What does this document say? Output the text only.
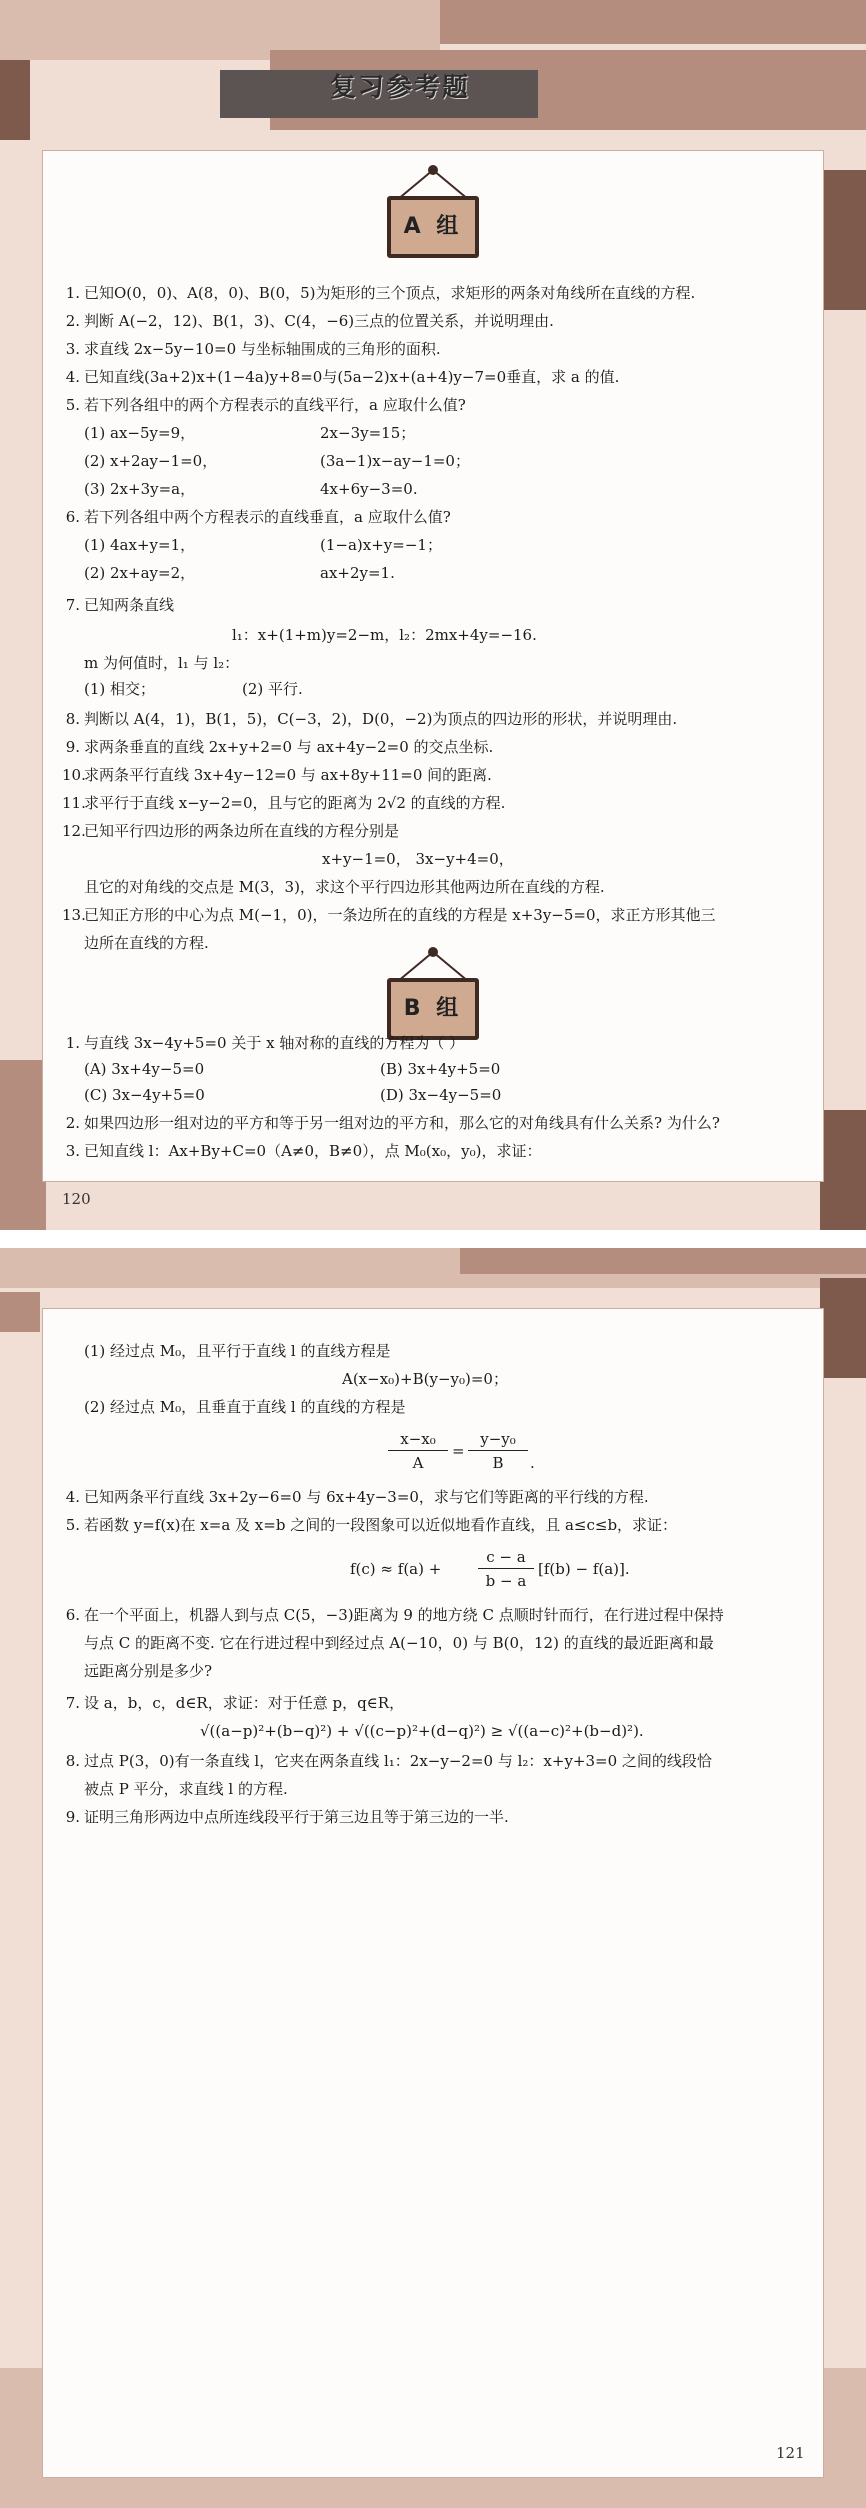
复习参考题
A 组
1. 已知O(0，0)、A(8，0)、B(0，5)为矩形的三个顶点，求矩形的两条对角线所在直线的方程.
2. 判断 A(−2，12)、B(1，3)、C(4，−6)三点的位置关系，并说明理由.
3. 求直线 2x−5y−10=0 与坐标轴围成的三角形的面积.
4. 已知直线(3a+2)x+(1−4a)y+8=0与(5a−2)x+(a+4)y−7=0垂直，求 a 的值.
5. 若下列各组中的两个方程表示的直线平行，a 应取什么值?
(1) ax−5y=9，	2x−3y=15；
(2) x+2ay−1=0，	(3a−1)x−ay−1=0；
(3) 2x+3y=a，	4x+6y−3=0.
6. 若下列各组中两个方程表示的直线垂直，a 应取什么值?
(1) 4ax+y=1，	(1−a)x+y=−1；
(2) 2x+ay=2，	ax+2y=1.
7. 已知两条直线
l₁：x+(1+m)y=2−m，l₂：2mx+4y=−16.
m 为何值时，l₁ 与 l₂：
(1) 相交；	(2) 平行.
8. 判断以 A(4，1)，B(1，5)，C(−3，2)，D(0，−2)为顶点的四边形的形状，并说明理由.
9. 求两条垂直的直线 2x+y+2=0 与 ax+4y−2=0 的交点坐标.
10.
求两条平行直线 3x+4y−12=0 与 ax+8y+11=0 间的距离.
11.
求平行于直线 x−y−2=0，且与它的距离为 2√2 的直线的方程.
12.
已知平行四边形的两条边所在直线的方程分别是
x+y−1=0， 3x−y+4=0，
且它的对角线的交点是 M(3，3)，求这个平行四边形其他两边所在直线的方程.
13.
已知正方形的中心为点 M(−1，0)，一条边所在的直线的方程是 x+3y−5=0，求正方形其他三
边所在直线的方程.
B 组
1. 与直线 3x−4y+5=0 关于 x 轴对称的直线的方程为（ ）
(A) 3x+4y−5=0	(B) 3x+4y+5=0
(C) 3x−4y+5=0	(D) 3x−4y−5=0
2. 如果四边形一组对边的平方和等于另一组对边的平方和，那么它的对角线具有什么关系? 为什么?
3. 已知直线 l：Ax+By+C=0（A≠0，B≠0），点 M₀(x₀，y₀)，求证：
120
(1) 经过点 M₀，且平行于直线 l 的直线方程是
A(x−x₀)+B(y−y₀)=0；
(2) 经过点 M₀，且垂直于直线 l 的直线的方程是
x−x₀
A
=
y−y₀
B	.
4. 已知两条平行直线 3x+2y−6=0 与 6x+4y−3=0，求与它们等距离的平行线的方程.
5. 若函数 y=f(x)在 x=a 及 x=b 之间的一段图象可以近似地看作直线，且 a≤c≤b，求证：
f(c) ≈ f(a) +
c − a
b − a
[f(b) − f(a)].
6. 在一个平面上，机器人到与点 C(5，−3)距离为 9 的地方绕 C 点顺时针而行，在行进过程中保持
与点 C 的距离不变. 它在行进过程中到经过点 A(−10，0) 与 B(0，12) 的直线的最近距离和最
远距离分别是多少?
7. 设 a，b，c，d∈R，求证：对于任意 p，q∈R，
√((a−p)²+(b−q)²) + √((c−p)²+(d−q)²) ≥ √((a−c)²+(b−d)²).
8. 过点 P(3，0)有一条直线 l，它夹在两条直线 l₁：2x−y−2=0 与 l₂：x+y+3=0 之间的线段恰
被点 P 平分，求直线 l 的方程.
9. 证明三角形两边中点所连线段平行于第三边且等于第三边的一半.
121
